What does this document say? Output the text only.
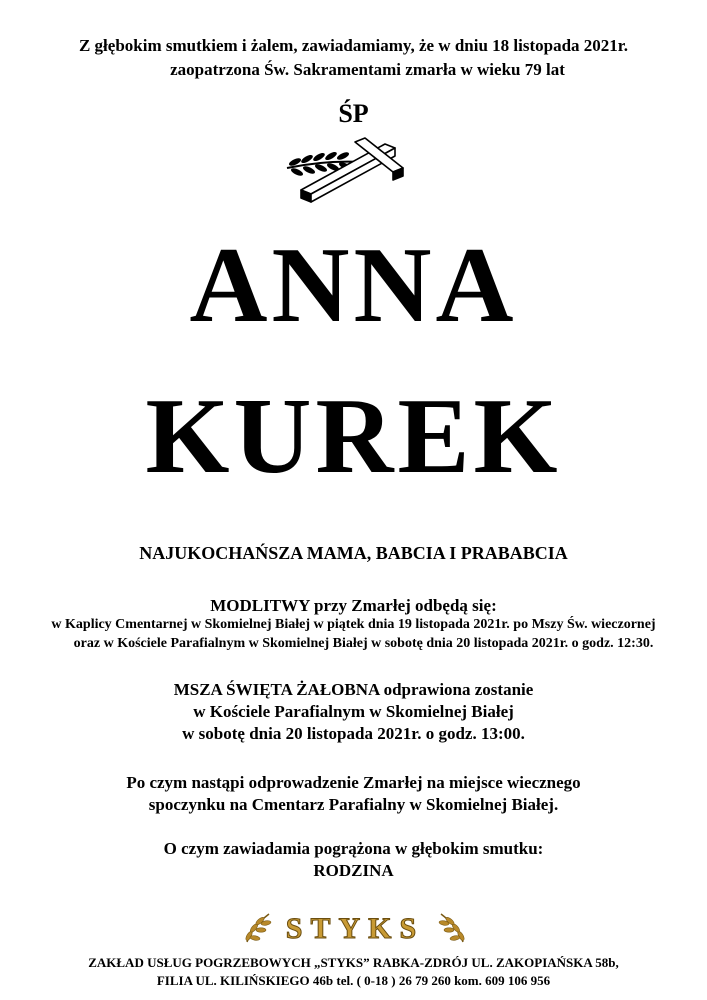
Z głębokim smutkiem i żalem, zawiadamiamy, że w dniu 18 listopada 2021r.
zaopatrzona Św. Sakramentami zmarła w wieku 79 lat
ŚP
ANNA
KUREK
NAJUKOCHAŃSZA MAMA, BABCIA I PRABABCIA
MODLITWY przy Zmarłej odbędą się:
w Kaplicy Cmentarnej w Skomielnej Białej w piątek dnia 19 listopada 2021r. po Mszy Św. wieczornej
oraz w Kościele Parafialnym w Skomielnej Białej w sobotę dnia 20 listopada 2021r. o godz. 12:30.
MSZA ŚWIĘTA ŻAŁOBNA odprawiona zostanie
w Kościele Parafialnym w Skomielnej Białej
w sobotę dnia 20 listopada 2021r. o godz. 13:00.
Po czym nastąpi odprowadzenie Zmarłej na miejsce wiecznego
spoczynku na Cmentarz Parafialny w Skomielnej Białej.
O czym zawiadamia pogrążona w głębokim smutku:
RODZINA
STYKS
ZAKŁAD USŁUG POGRZEBOWYCH „STYKS” RABKA-ZDRÓJ UL. ZAKOPIAŃSKA 58b,
FILIA UL. KILIŃSKIEGO 46b tel. ( 0-18 ) 26 79 260 kom. 609 106 956
